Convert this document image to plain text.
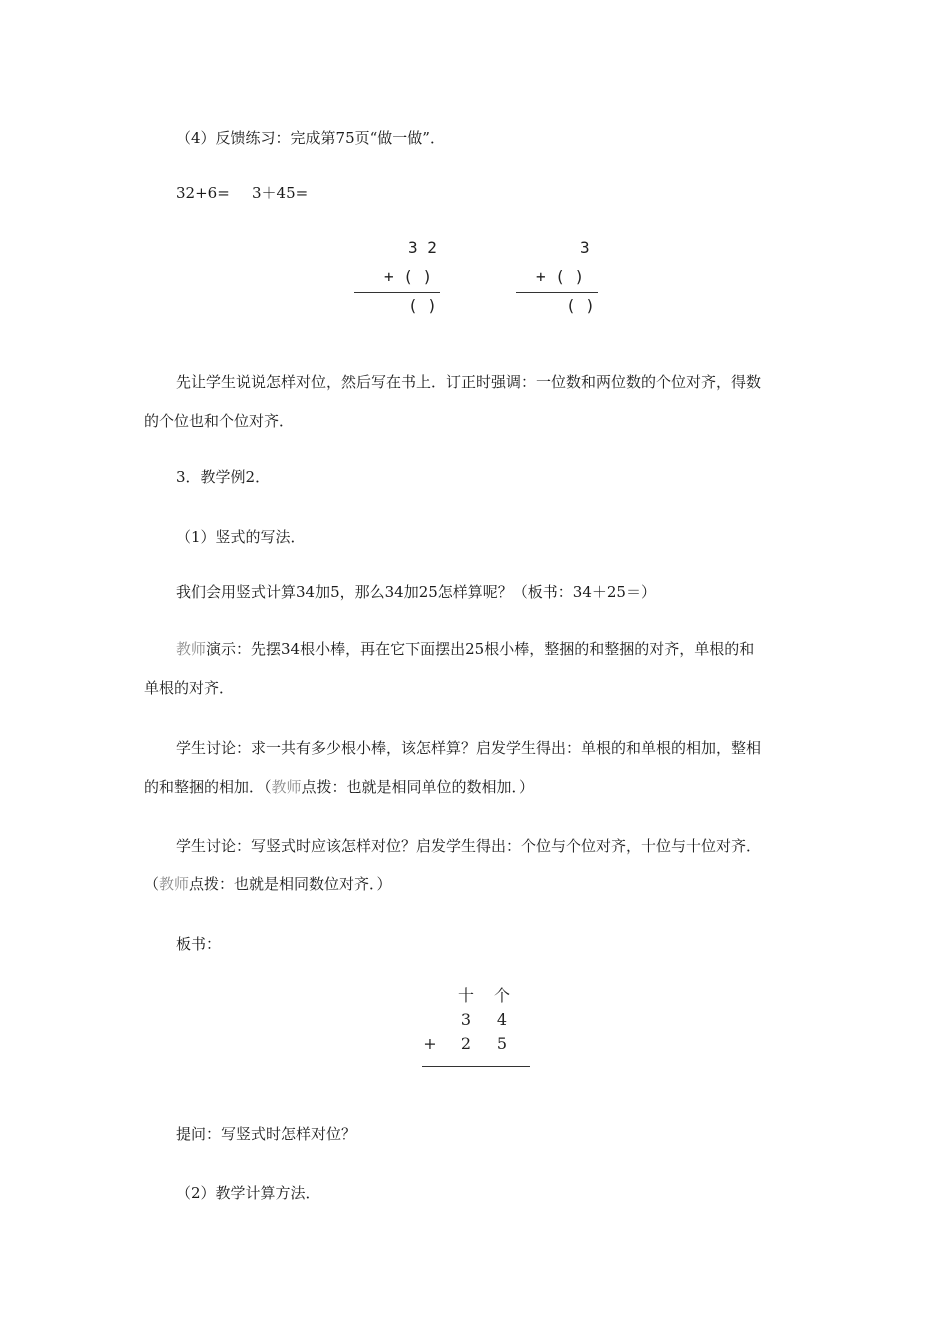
（4）反馈练习：完成第75页“做一做”．
32+6= 3＋45=
3 2
+ ( )
( )
3
+ ( )
( )
先让学生说说怎样对位，然后写在书上．订正时强调：一位数和两位数的个位对齐，得数
的个位也和个位对齐．
3．教学例2．
（1）竖式的写法．
我们会用竖式计算34加5，那么34加25怎样算呢？（板书：34＋25＝）
教师演示：先摆34根小棒，再在它下面摆出25根小棒，整捆的和整捆的对齐，单根的和
单根的对齐．
学生讨论：求一共有多少根小棒，该怎样算？启发学生得出：单根的和单根的相加，整相
的和整捆的相加．（教师点拨：也就是相同单位的数相加．）
学生讨论：写竖式时应该怎样对位？启发学生得出：个位与个位对齐，十位与十位对齐．
（教师点拨：也就是相同数位对齐．）
板书：
十 个
3	4
+	2	5
提问：写竖式时怎样对位？
（2）教学计算方法．
